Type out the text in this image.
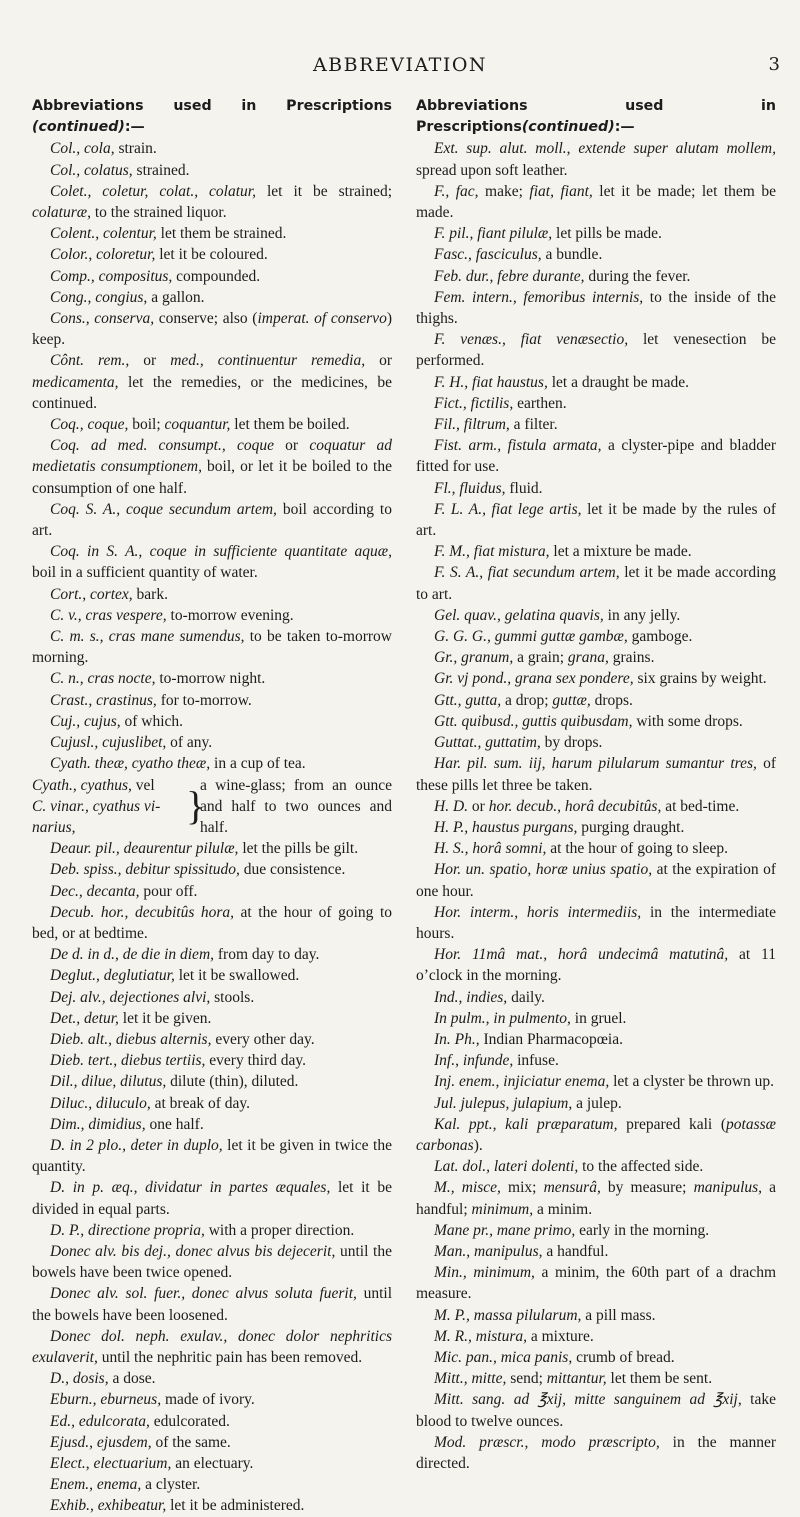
ABBREVIATION	3
Abbreviations used in Prescriptions (continued):—

Col., cola, strain.

Col., colatus, strained.

Colet., coletur, colat., colatur, let it be strained; colaturæ, to the strained liquor.

Colent., colentur, let them be strained.

Color., coloretur, let it be coloured.

Comp., compositus, compounded.

Cong., congius, a gallon.

Cons., conserva, conserve; also (imperat. of conservo) keep.

Cônt. rem., or med., continuentur remedia, or medicamenta, let the remedies, or the medicines, be continued.

Coq., coque, boil; coquantur, let them be boiled.

Coq. ad med. consumpt., coque or coquatur ad medietatis consumptionem, boil, or let it be boiled to the consumption of one half.

Coq. S. A., coque secundum artem, boil according to art.

Coq. in S. A., coque in sufficiente quantitate aquæ, boil in a sufficient quantity of water.

Cort., cortex, bark.

C. v., cras vespere, to-morrow evening.

C. m. s., cras mane sumendus, to be taken to-morrow morning.

C. n., cras nocte, to-morrow night.

Crast., crastinus, for to-morrow.

Cuj., cujus, of which.

Cujusl., cujuslibet, of any.

Cyath. theæ, cyatho theæ, in a cup of tea.

Cyath., cyathus, vel
C. vinar., cyathus vi-
narius,	}
a wine-glass; from an ounce and half to two ounces and half.

Deaur. pil., deaurentur pilulæ, let the pills be gilt.

Deb. spiss., debitur spissitudo, due consistence.

Dec., decanta, pour off.

Decub. hor., decubitûs hora, at the hour of going to bed, or at bedtime.

De d. in d., de die in diem, from day to day.

Deglut., deglutiatur, let it be swallowed.

Dej. alv., dejectiones alvi, stools.

Det., detur, let it be given.

Dieb. alt., diebus alternis, every other day.

Dieb. tert., diebus tertiis, every third day.

Dil., dilue, dilutus, dilute (thin), diluted.

Diluc., diluculo, at break of day.

Dim., dimidius, one half.

D. in 2 plo., deter in duplo, let it be given in twice the quantity.

D. in p. æq., dividatur in partes æquales, let it be divided in equal parts.

D. P., directione propria, with a proper direction.

Donec alv. bis dej., donec alvus bis dejecerit, until the bowels have been twice opened.

Donec alv. sol. fuer., donec alvus soluta fuerit, until the bowels have been loosened.

Donec dol. neph. exulav., donec dolor nephritics exulaverit, until the nephritic pain has been removed.

D., dosis, a dose.

Eburn., eburneus, made of ivory.

Ed., edulcorata, edulcorated.

Ejusd., ejusdem, of the same.

Elect., electuarium, an electuary.

Enem., enema, a clyster.

Exhib., exhibeatur, let it be administered.

Abbreviations used in Prescriptions(continued):—

Ext. sup. alut. moll., extende super alutam mollem, spread upon soft leather.

F., fac, make; fiat, fiant, let it be made; let them be made.

F. pil., fiant pilulæ, let pills be made.

Fasc., fasciculus, a bundle.

Feb. dur., febre durante, during the fever.

Fem. intern., femoribus internis, to the inside of the thighs.

F. venæs., fiat venæsectio, let venesection be performed.

F. H., fiat haustus, let a draught be made.

Fict., fictilis, earthen.

Fil., filtrum, a filter.

Fist. arm., fistula armata, a clyster-pipe and bladder fitted for use.

Fl., fluidus, fluid.

F. L. A., fiat lege artis, let it be made by the rules of art.

F. M., fiat mistura, let a mixture be made.

F. S. A., fiat secundum artem, let it be made according to art.

Gel. quav., gelatina quavis, in any jelly.

G. G. G., gummi guttæ gambæ, gamboge.

Gr., granum, a grain; grana, grains.

Gr. vj pond., grana sex pondere, six grains by weight.

Gtt., gutta, a drop; guttæ, drops.

Gtt. quibusd., guttis quibusdam, with some drops.

Guttat., guttatim, by drops.

Har. pil. sum. iij, harum pilularum sumantur tres, of these pills let three be taken.

H. D. or hor. decub., horâ decubitûs, at bed-time.

H. P., haustus purgans, purging draught.

H. S., horâ somni, at the hour of going to sleep.

Hor. un. spatio, horæ unius spatio, at the expiration of one hour.

Hor. interm., horis intermediis, in the intermediate hours.

Hor. 11mâ mat., horâ undecimâ matutinâ, at 11 o’clock in the morning.

Ind., indies, daily.

In pulm., in pulmento, in gruel.

In. Ph., Indian Pharmacopœia.

Inf., infunde, infuse.

Inj. enem., injiciatur enema, let a clyster be thrown up.

Jul. julepus, julapium, a julep.

Kal. ppt., kali præparatum, prepared kali (potassæ carbonas).

Lat. dol., lateri dolenti, to the affected side.

M., misce, mix; mensurâ, by measure; manipulus, a handful; minimum, a minim.

Mane pr., mane primo, early in the morning.

Man., manipulus, a handful.

Min., minimum, a minim, the 60th part of a drachm measure.

M. P., massa pilularum, a pill mass.

M. R., mistura, a mixture.

Mic. pan., mica panis, crumb of bread.

Mitt., mitte, send; mittantur, let them be sent.

Mitt. sang. ad ℥xij, mitte sanguinem ad ℥xij, take blood to twelve ounces.

Mod. præscr., modo præscripto, in the manner directed.
